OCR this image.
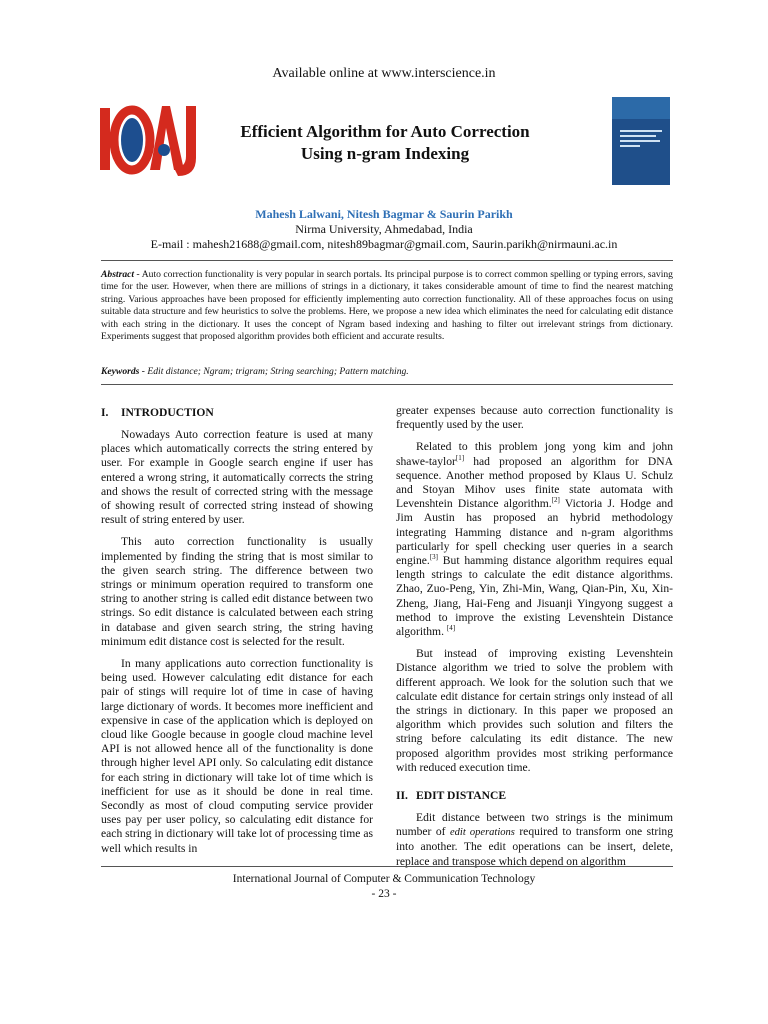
Available online at www.interscience.in
Efficient Algorithm for Auto Correction
Using n-gram Indexing
Mahesh Lalwani, Nitesh Bagmar & Saurin Parikh
Nirma University, Ahmedabad, India
E-mail : mahesh21688@gmail.com, nitesh89bagmar@gmail.com, Saurin.parikh@nirmauni.ac.in
Abstract - Auto correction functionality is very popular in search portals. Its principal purpose is to correct common spelling or typing errors, saving time for the user. However, when there are millions of strings in a dictionary, it takes considerable amount of time to find the nearest matching string. Various approaches have been proposed for efficiently implementing auto correction functionality. All of these approaches focus on using suitable data structure and few heuristics to solve the problems. Here, we propose a new idea which eliminates the need for calculating edit distance with each string in the dictionary. It uses the concept of Ngram based indexing and hashing to filter out irrelevant strings from dictionary. Experiments suggest that proposed algorithm provides both efficient and accurate results.
Keywords - Edit distance; Ngram; trigram; String searching; Pattern matching.
I. INTRODUCTION

Nowadays Auto correction feature is used at many places which automatically corrects the string entered by user. For example in Google search engine if user has entered a wrong string, it automatically corrects the string and shows the result of corrected string with the message of showing result of corrected string instead of showing result of string entered by user.

This auto correction functionality is usually implemented by finding the string that is most similar to the given search string. The difference between two strings or minimum operation required to transform one string to another string is called edit distance between two strings. So edit distance is calculated between each string in database and given search string, the string having minimum edit distance cost is selected for the result.

In many applications auto correction functionality is being used. However calculating edit distance for each pair of stings will require lot of time in case of having large dictionary of words. It becomes more inefficient and expensive in case of the application which is deployed on cloud like Google because in google cloud machine level API is not allowed hence all of the functionality is done through higher level API only. So calculating edit distance for each string in dictionary will take lot of time which is inefficient for use as it should be done in real time. Secondly as most of cloud computing service provider uses pay per user policy, so calculating edit distance for each string in dictionary will take lot of processing time as well which results in

greater expenses because auto correction functionality is frequently used by the user.

Related to this problem jong yong kim and john shawe-taylor[1] had proposed an algorithm for DNA sequence. Another method proposed by Klaus U. Schulz and Stoyan Mihov uses finite state automata with Levenshtein Distance algorithm.[2] Victoria J. Hodge and Jim Austin has proposed an hybrid methodology integrating Hamming distance and n-gram algorithms particularly for spell checking user queries in a search engine.[3] But hamming distance algorithm requires equal length strings to calculate the edit distance algorithms. Zhao, Zuo-Peng, Yin, Zhi-Min, Wang, Qian-Pin, Xu, Xin-Zheng, Jiang, Hai-Feng and Jisuanji Yingyong suggest a method to improve the existing Levenshtein Distance algorithm. [4]

But instead of improving existing Levenshtein Distance algorithm we tried to solve the problem with different approach. We look for the solution such that we calculate edit distance for certain strings only instead of all the strings in dictionary. In this paper we proposed an algorithm which provides such solution and filters the string before calculating its edit distance. The new proposed algorithm provides most striking performance with reduced execution time.

II. EDIT DISTANCE

Edit distance between two strings is the minimum number of edit operations required to transform one string into another. The edit operations can be insert, delete, replace and transpose which depend on algorithm

International Journal of Computer & Communication Technology
- 23 -
